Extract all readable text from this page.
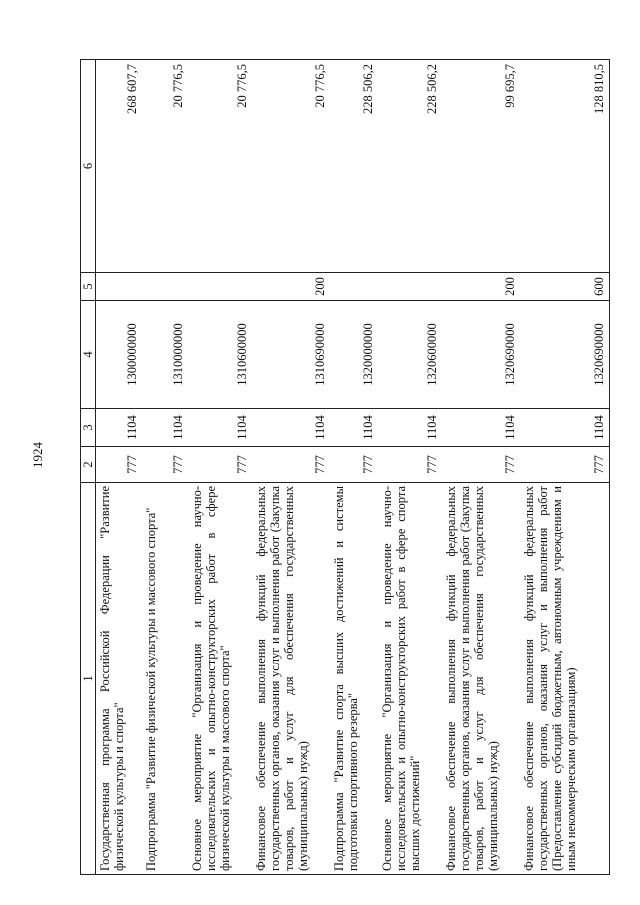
1924
1	2	3	4	5	6
Государственная программа Российской Федерации "Развитие физической культуры и спорта"	777	1104	1300000000		268 607,7
Подпрограмма "Развитие физической культуры и массового спорта"	777	1104	1310000000		20 776,5
Основное мероприятие "Организация и проведение научно-исследовательских и опытно-конструкторских работ в сфере физической культуры и массового спорта"	777	1104	1310600000		20 776,5
Финансовое обеспечение выполнения функций федеральных государственных органов, оказания услуг и выполнения работ (Закупка товаров, работ и услуг для обеспечения государственных (муниципальных) нужд)	777	1104	1310690000	200	20 776,5
Подпрограмма "Развитие спорта высших достижений и системы подготовки спортивного резерва"	777	1104	1320000000		228 506,2
Основное мероприятие "Организация и проведение научно-исследовательских и опытно-конструкторских работ в сфере спорта высших достижений"	777	1104	1320600000		228 506,2
Финансовое обеспечение выполнения функций федеральных государственных органов, оказания услуг и выполнения работ (Закупка товаров, работ и услуг для обеспечения государственных (муниципальных) нужд)	777	1104	1320690000	200	99 695,7
Финансовое обеспечение выполнения функций федеральных государственных органов, оказания услуг и выполнения работ (Предоставление субсидий бюджетным, автономным учреждениям и иным некоммерческим организациям)	777	1104	1320690000	600	128 810,5
